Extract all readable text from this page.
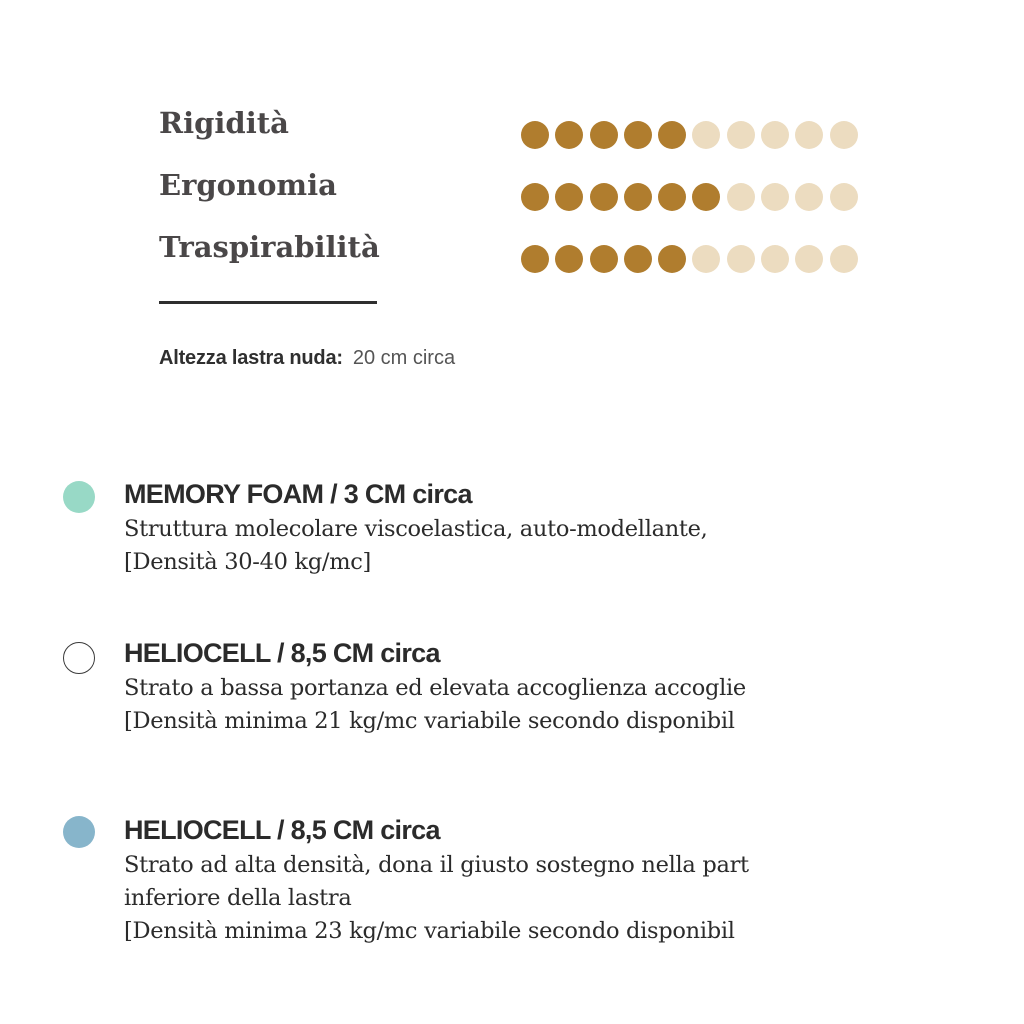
Rigidità
Ergonomia
Traspirabilità
Altezza lastra nuda: 20 cm circa
MEMORY FOAM / 3 CM circa
Struttura molecolare viscoelastica, auto-modellante,
[Densità 30-40 kg/mc]
HELIOCELL / 8,5 CM circa
Strato a bassa portanza ed elevata accoglienza accoglie
[Densità minima 21 kg/mc variabile secondo disponibil
HELIOCELL / 8,5 CM circa
Strato ad alta densità, dona il giusto sostegno nella part
inferiore della lastra
[Densità minima 23 kg/mc variabile secondo disponibil
